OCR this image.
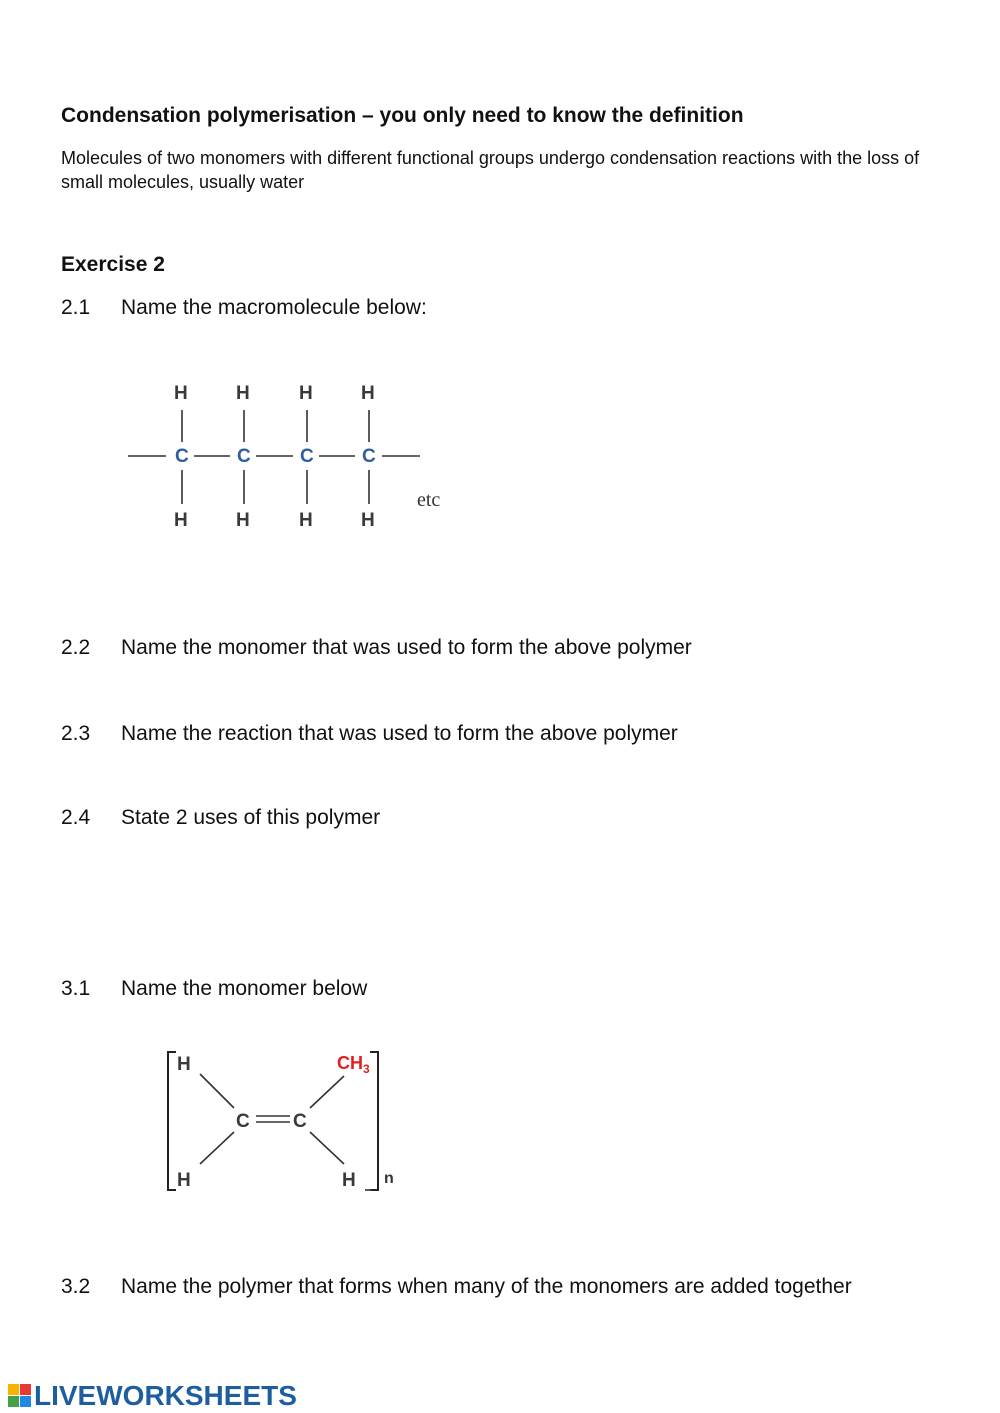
Condensation polymerisation – you only need to know the definition
Molecules of two monomers with different functional groups undergo condensation reactions with the loss of small molecules, usually water
Exercise 2
2.1 Name the macromolecule below:
H	H	H	H
C	C	C	C
H	H	H	H
etc
2.2 Name the monomer that was used to form the above polymer
2.3 Name the reaction that was used to form the above polymer
2.4 State 2 uses of this polymer
3.1 Name the monomer below
H
H
$CH_3$
H n
C C
3.2 Name the polymer that forms when many of the monomers are added together
LIVEWORKSHEETS
